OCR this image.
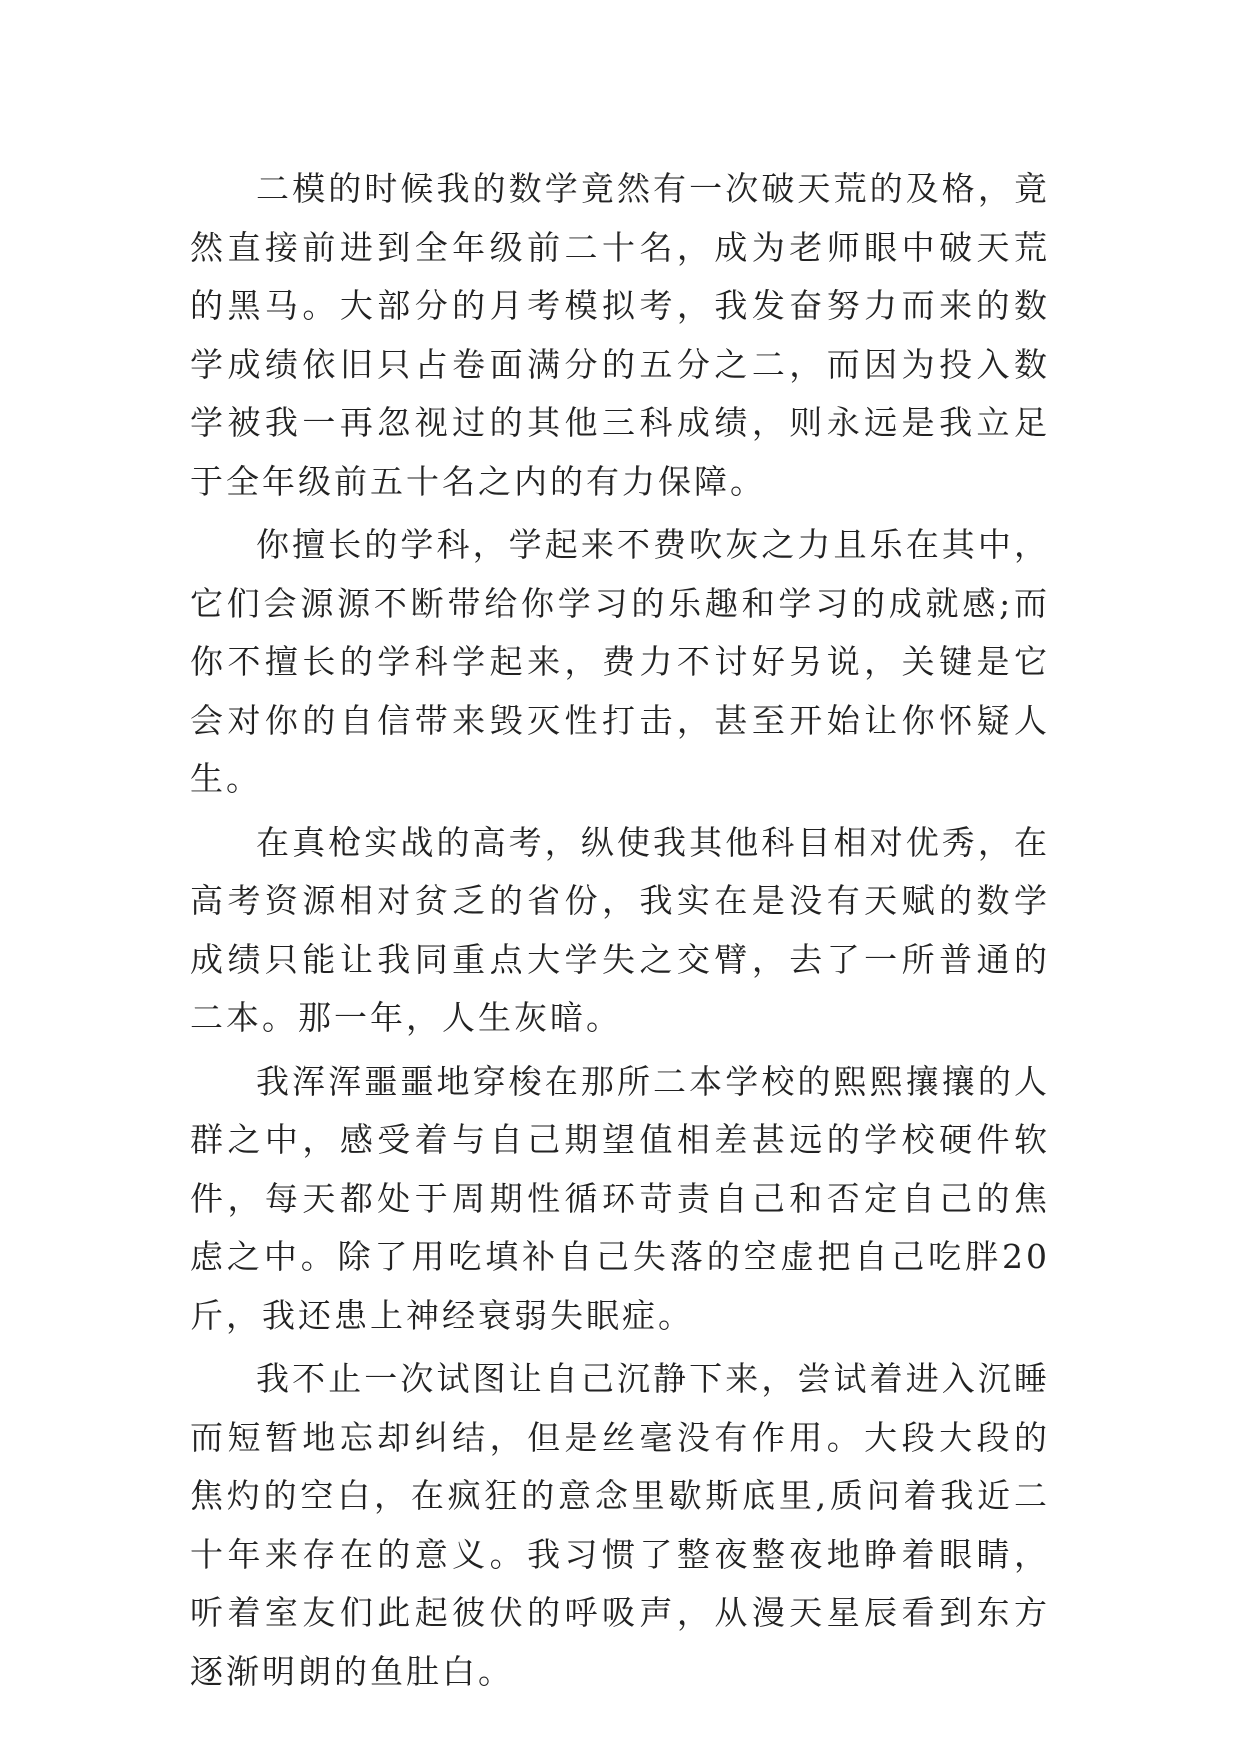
二模的时候我的数学竟然有一次破天荒的及格，竟然直接前进到全年级前二十名，成为老师眼中破天荒的黑马。大部分的月考模拟考，我发奋努力而来的数学成绩依旧只占卷面满分的五分之二，而因为投入数学被我一再忽视过的其他三科成绩，则永远是我立足于全年级前五十名之内的有力保障。

你擅长的学科，学起来不费吹灰之力且乐在其中，它们会源源不断带给你学习的乐趣和学习的成就感;而你不擅长的学科学起来，费力不讨好另说，关键是它会对你的自信带来毁灭性打击，甚至开始让你怀疑人生。

在真枪实战的高考，纵使我其他科目相对优秀，在高考资源相对贫乏的省份，我实在是没有天赋的数学成绩只能让我同重点大学失之交臂，去了一所普通的二本。那一年，人生灰暗。

我浑浑噩噩地穿梭在那所二本学校的熙熙攘攘的人群之中，感受着与自己期望值相差甚远的学校硬件软件，每天都处于周期性循环苛责自己和否定自己的焦虑之中。除了用吃填补自己失落的空虚把自己吃胖20斤，我还患上神经衰弱失眠症。

我不止一次试图让自己沉静下来，尝试着进入沉睡而短暂地忘却纠结，但是丝毫没有作用。大段大段的焦灼的空白，在疯狂的意念里歇斯底里,质问着我近二十年来存在的意义。我习惯了整夜整夜地睁着眼睛，听着室友们此起彼伏的呼吸声，从漫天星辰看到东方逐渐明朗的鱼肚白。
